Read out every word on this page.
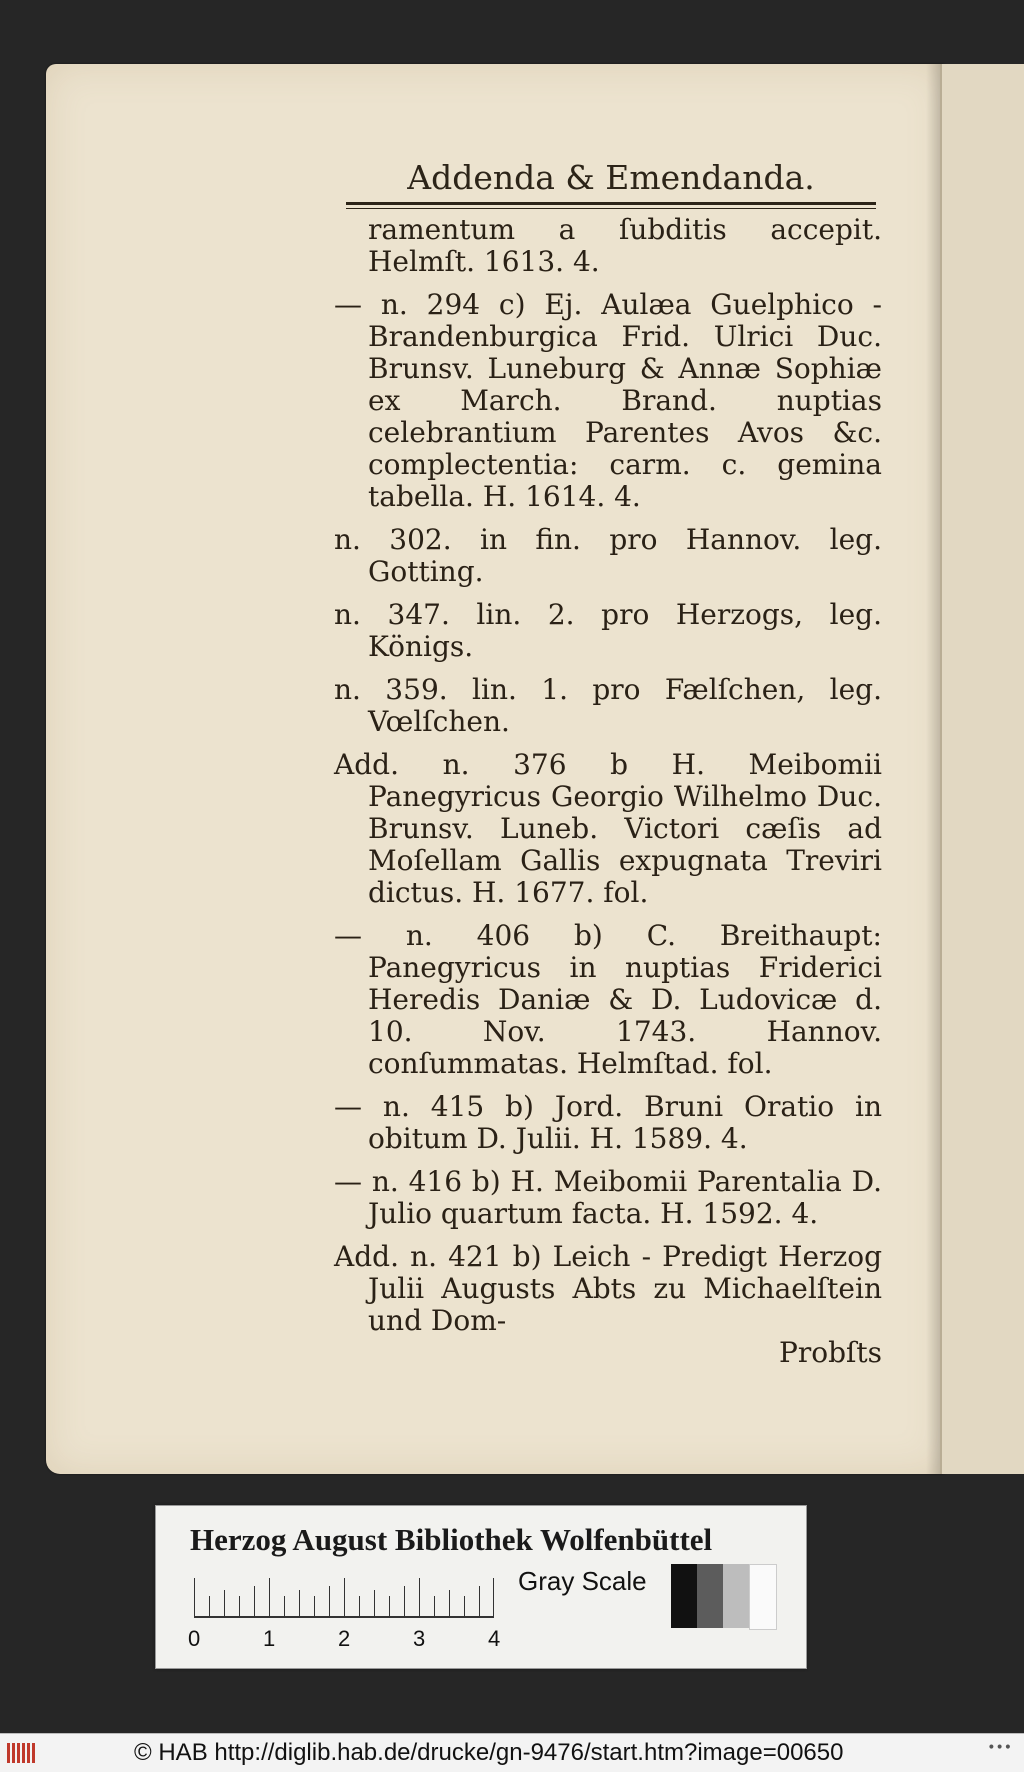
Addenda & Emendanda.
ramentum a ſubditis accepit. Helmſt. 1613. 4.
— n. 294 c) Ej. Aulæa Guelphico - Brandenburgica Frid. Ulrici Duc. Brunsv. Luneburg & Annæ Sophiæ ex March. Brand. nuptias celebrantium Parentes Avos &c. complectentia: carm. c. gemina tabella. H. 1614. 4.
n. 302. in fin. pro Hannov. leg. Gotting.
n. 347. lin. 2. pro Herzogs, leg. Königs.
n. 359. lin. 1. pro Fælſchen, leg. Vœlſchen.
Add. n. 376 b H. Meibomii Panegyricus Georgio Wilhelmo Duc. Brunsv. Luneb. Victori cæſis ad Moſellam Gallis expugnata Treviri dictus. H. 1677. fol.
— n. 406 b) C. Breithaupt: Panegyricus in nuptias Friderici Heredis Daniæ & D. Ludovicæ d. 10. Nov. 1743. Hannov. conſummatas. Helmſtad. fol.
— n. 415 b) Jord. Bruni Oratio in obitum D. Julii. H. 1589. 4.
— n. 416 b) H. Meibomii Parentalia D. Julio quartum facta. H. 1592. 4.
Add. n. 421 b) Leich - Predigt Herzog Julii Augusts Abts zu Michaelſtein und Dom-
Probſts
Herzog August Bibliothek Wolfenbüttel
0	1	2	3	4
Gray Scale
© HAB http://diglib.hab.de/drucke/gn-9476/start.htm?image=00650	•••
